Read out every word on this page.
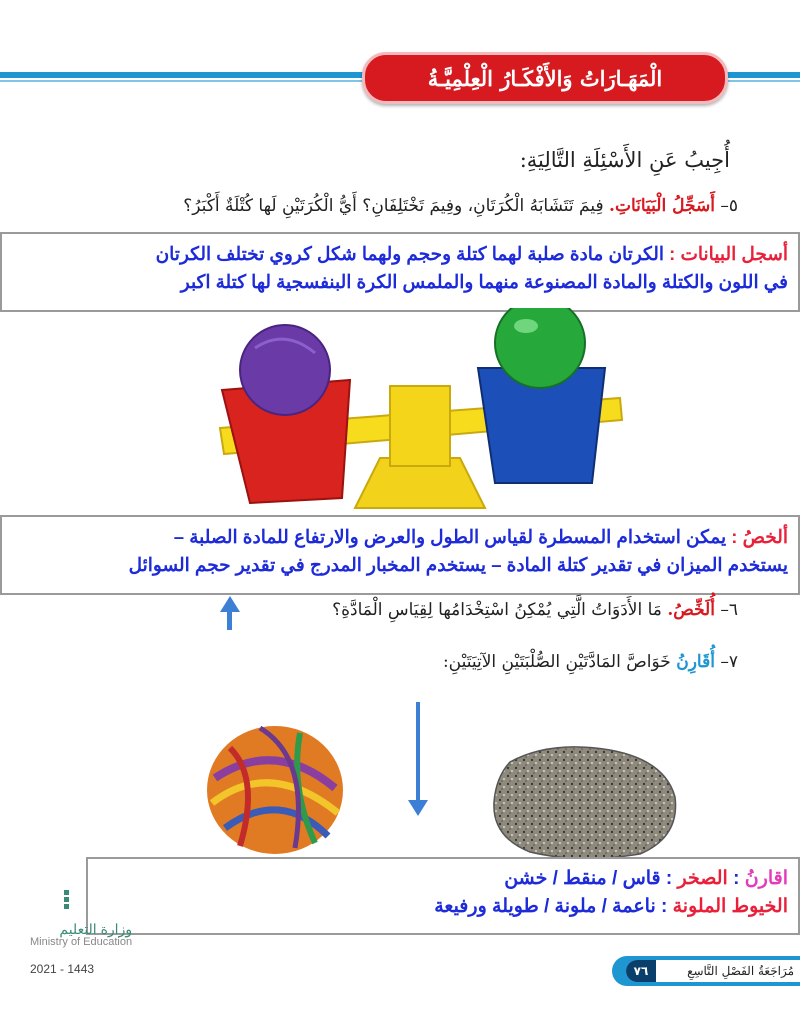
الْمَهَـارَاتُ وَالأَفْكَـارُ الْعِلْمِيَّـةُ
أُجِيبُ عَنِ الأَسْئِلَةِ التَّالِيَةِ:
٥– أَسَجِّلُ الْبَيَانَاتِ. فِيمَ تَتَشَابَهُ الْكُرَتَانِ، وفِيمَ تَخْتَلِفَانِ؟ أَيُّ الْكُرَتَيْنِ لَها كُتْلَةٌ أَكْبَرُ؟
أسجل البيانات : الكرتان مادة صلبة لهما كتلة وحجم ولهما شكل كروي تختلف الكرتان
في اللون والكتلة والمادة المصنوعة منهما والملمس الكرة البنفسجية لها كتلة اكبر
ألخصُ : يمكن استخدام المسطرة لقياس الطول والعرض والارتفاع للمادة الصلبة –
يستخدم الميزان في تقدير كتلة المادة – يستخدم المخبار المدرج في تقدير حجم السوائل
٦– أُلَخِّصُ. مَا الأَدَوَاتُ الَّتِي يُمْكِنُ اسْتِخْدَامُها لِقِيَاسِ الْمَادَّةِ؟
٧– أُقَارِنُ خَوَاصَّ المَادَّتَيْنِ الصُّلْبَتَيْنِ الآتِيَتَيْنِ:
اقارنُ : الصخر : قاس / منقط / خشن
الخيوط الملونة : ناعمة / ملونة / طويلة ورفيعة
وزارة التعليم
Ministry of Education
2021 - 1443	مُرَاجَعَةُ الفَصْلِ التَّاسِعِ
٧٦
